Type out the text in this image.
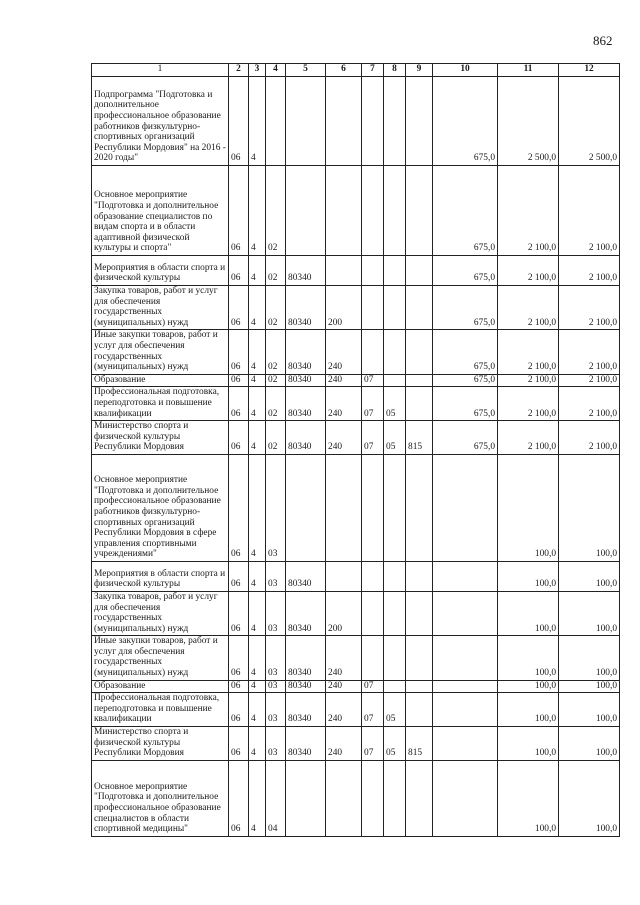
862
1	2	3	4	5	6	7	8	9	10	11	12
Подпрограмма "Подготовка и дополнительное профессиональное образование работников физкультурно-спортивных организаций Республики Мордовия" на 2016 - 2020 годы"	06	4							675,0	2 500,0	2 500,0
Основное мероприятие "Подготовка и дополнительное образование специалистов по видам спорта и в области адаптивной физической культуры и спорта"	06	4	02						675,0	2 100,0	2 100,0
Мероприятия в области спорта и физической культуры	06	4	02	80340					675,0	2 100,0	2 100,0
Закупка товаров, работ и услуг для обеспечения государственных (муниципальных) нужд	06	4	02	80340	200				675,0	2 100,0	2 100,0
Иные закупки товаров, работ и услуг для обеспечения государственных (муниципальных) нужд	06	4	02	80340	240				675,0	2 100,0	2 100,0
Образование	06	4	02	80340	240	07			675,0	2 100,0	2 100,0
Профессиональная подготовка, переподготовка и повышение квалификации	06	4	02	80340	240	07	05		675,0	2 100,0	2 100,0
Министерство спорта и физической культуры Республики Мордовия	06	4	02	80340	240	07	05	815	675,0	2 100,0	2 100,0
Основное мероприятие "Подготовка и дополнительное профессиональное образование работников физкультурно-спортивных организаций Республики Мордовия в сфере управления спортивными учреждениями"	06	4	03							100,0	100,0
Мероприятия в области спорта и физической культуры	06	4	03	80340						100,0	100,0
Закупка товаров, работ и услуг для обеспечения государственных (муниципальных) нужд	06	4	03	80340	200					100,0	100,0
Иные закупки товаров, работ и услуг для обеспечения государственных (муниципальных) нужд	06	4	03	80340	240					100,0	100,0
Образование	06	4	03	80340	240	07				100,0	100,0
Профессиональная подготовка, переподготовка и повышение квалификации	06	4	03	80340	240	07	05			100,0	100,0
Министерство спорта и физической культуры Республики Мордовия	06	4	03	80340	240	07	05	815		100,0	100,0
Основное мероприятие "Подготовка и дополнительное профессиональное образование специалистов в области спортивной медицины"	06	4	04							100,0	100,0
